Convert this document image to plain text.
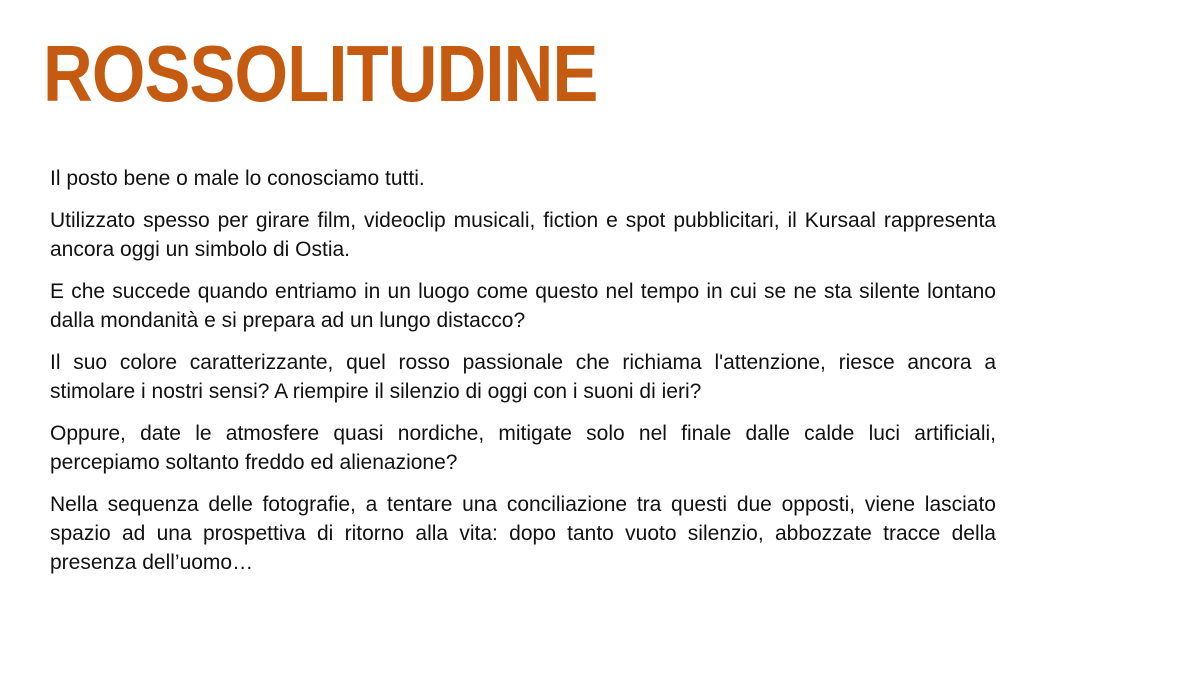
ROSSOLITUDINE

Il posto bene o male lo conosciamo tutti.

Utilizzato spesso per girare film, videoclip musicali, fiction e spot pubblicitari, il Kursaal rappresenta ancora oggi un simbolo di Ostia.

E che succede quando entriamo in un luogo come questo nel tempo in cui se ne sta silente lontano dalla mondanità e si prepara ad un lungo distacco?

Il suo colore caratterizzante, quel rosso passionale che richiama l'attenzione, riesce ancora a stimolare i nostri sensi? A riempire il silenzio di oggi con i suoni di ieri?

Oppure, date le atmosfere quasi nordiche, mitigate solo nel finale dalle calde luci artificiali, percepiamo soltanto freddo ed alienazione?

Nella sequenza delle fotografie, a tentare una conciliazione tra questi due opposti, viene lasciato spazio ad una prospettiva di ritorno alla vita: dopo tanto vuoto silenzio, abbozzate tracce della presenza dell’uomo…
